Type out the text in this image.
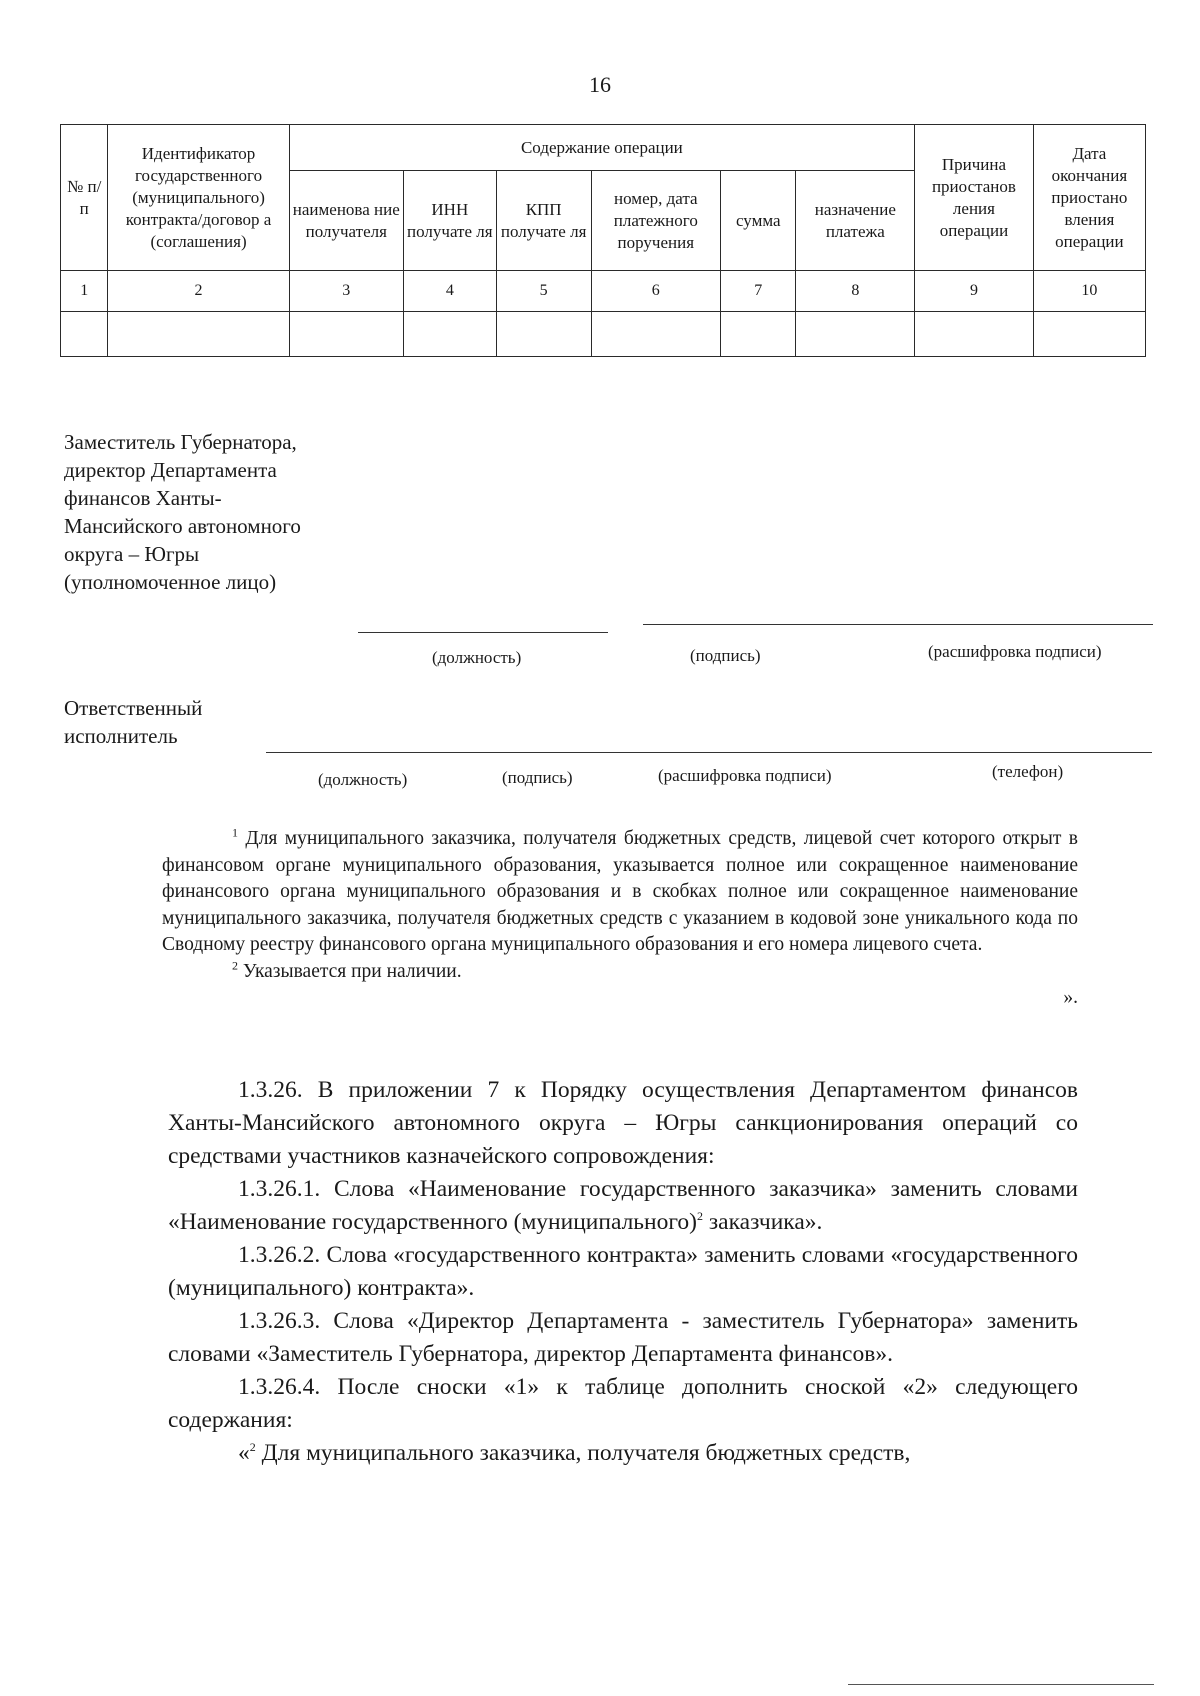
16
№ п/п	Идентификатор государственного (муниципального) контракта/договор а (соглашения)	Содержание операции						Причина приостанов ления операции	Дата окончания приостано вления операции
		наименова ние получателя	ИНН получате ля	КПП получате ля	номер, дата платежного поручения	сумма	назначение платежа		
1	2	3	4	5	6	7	8	9	10

Заместитель Губернатора, директор Департамента финансов Ханты-Мансийского автономного округа – Югры (уполномоченное лицо)
(должность)	(подпись)	(расшифровка подписи)
Ответственный исполнитель
(должность)	(подпись)	(расшифровка подписи)	(телефон)

$^1$ Для муниципального заказчика, получателя бюджетных средств, лицевой счет которого открыт в финансовом органе муниципального образования, указывается полное или сокращенное наименование финансового органа муниципального образования и в скобках полное или сокращенное наименование муниципального заказчика, получателя бюджетных средств с указанием в кодовой зоне уникального кода по Сводному реестру финансового органа муниципального образования и его номера лицевого счета.

$^2$ Указывается при наличии.

».

1.3.26. В приложении 7 к Порядку осуществления Департаментом финансов Ханты-Мансийского автономного округа – Югры санкционирования операций со средствами участников казначейского сопровождения:

1.3.26.1. Слова «Наименование государственного заказчика» заменить словами «Наименование государственного (муниципального)$^2$ заказчика».

1.3.26.2. Слова «государственного контракта» заменить словами «государственного (муниципального) контракта».

1.3.26.3. Слова «Директор Департамента - заместитель Губернатора» заменить словами «Заместитель Губернатора, директор Департамента финансов».

1.3.26.4. После сноски «1» к таблице дополнить сноской «2» следующего содержания:

«$^2$ Для муниципального заказчика, получателя бюджетных средств,
